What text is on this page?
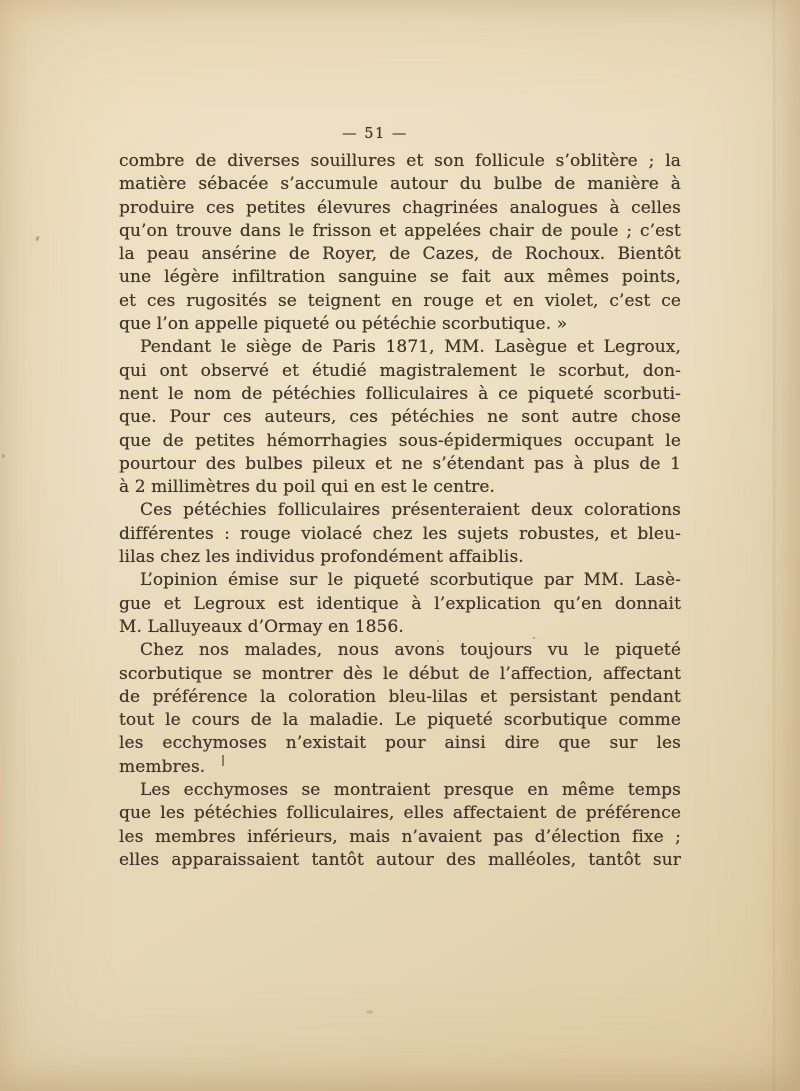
— 51 —
combre de diverses souillures et son follicule s’oblitère ; la
matière sébacée s’accumule autour du bulbe de manière à
produire ces petites élevures chagrinées analogues à celles
qu’on trouve dans le frisson et appelées chair de poule ; c’est
la peau ansérine de Royer, de Cazes, de Rochoux. Bientôt
une légère infiltration sanguine se fait aux mêmes points,
et ces rugosités se teignent en rouge et en violet, c’est ce
que l’on appelle piqueté ou pétéchie scorbutique. »
Pendant le siège de Paris 1871, MM. Lasègue et Legroux,
qui ont observé et étudié magistralement le scorbut, don-
nent le nom de pétéchies folliculaires à ce piqueté scorbuti-
que. Pour ces auteurs, ces pétéchies ne sont autre chose
que de petites hémorrhagies sous-épidermiques occupant le
pourtour des bulbes pileux et ne s’étendant pas à plus de 1
à 2 millimètres du poil qui en est le centre.
Ces pétéchies folliculaires présenteraient deux colorations
différentes : rouge violacé chez les sujets robustes, et bleu-
lilas chez les individus profondément affaiblis.
L’opinion émise sur le piqueté scorbutique par MM. Lasè-
gue et Legroux est identique à l’explication qu’en donnait
M. Lalluyeaux d’Ormay en 1856.
Chez nos malades, nous avons toujours vu le piqueté
scorbutique se montrer dès le début de l’affection, affectant
de préférence la coloration bleu-lilas et persistant pendant
tout le cours de la maladie. Le piqueté scorbutique comme
les ecchymoses n’existait pour ainsi dire que sur les
membres.
Les ecchymoses se montraient presque en même temps
que les pétéchies folliculaires, elles affectaient de préférence
les membres inférieurs, mais n’avaient pas d’élection fixe ;
elles apparaissaient tantôt autour des malléoles, tantôt sur
